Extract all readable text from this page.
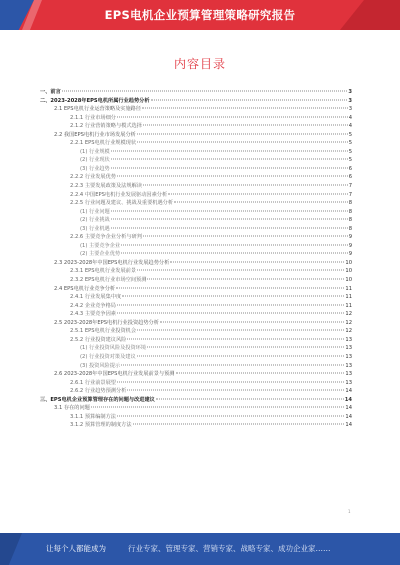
EPS电机企业预算管理策略研究报告
内容目录
一、前言	3
二、2023-2028年EPS电机所属行业趋势分析	3
2.1 EPS电机行业运营策略及实施路径	3
2.1.1 行业市场细分	4
2.1.2 行业营销策略与模式选择	4
2.2 我国EPS电机行业市场发展分析	5
2.2.1 EPS电机行业规模现状	5
(1) 行业规模	5
(2) 行业现状	5
(3) 行业趋势	6
2.2.2 行业发展优势	6
2.2.3 主要发展政策及法规解读	7
2.2.4 中国EPS电机行业发展驱动因素分析	7
2.2.5 行业问题及建议、挑战及重要机遇分析	8
(1) 行业问题	8
(2) 行业挑战	8
(3) 行业机遇	8
2.2.6 主要竞争企业分析与研判	9
(1) 主要竞争企业	9
(2) 主要企业优势	9
2.3 2023-2028年中国EPS电机行业发展趋势分析	10
2.3.1 EPS电机行业发展前景	10
2.3.2 EPS电机行业市场空间预测	10
2.4 EPS电机行业竞争分析	11
2.4.1 行业发展集中度	11
2.4.2 企业竞争格局	11
2.4.3 主要竞争因素	12
2.5 2023-2028年EPS电机行业投资趋势分析	12
2.5.1 EPS电机行业投资机会	12
2.5.2 行业投资建议风险	13
(1) 行业投资风险及投资环境	13
(2) 行业投资对策及建议	13
(3) 投资风险提示	13
2.6 2023-2028年中国EPS电机行业发展前景与预测	13
2.6.1 行业前景展望	13
2.6.2 行业趋势预测分析	14
三、EPS电机企业预算管理存在的问题与改进建议	14
3.1 存在的问题	14
3.1.1 预算编制方法	14
3.1.2 预算管理的制度方法	14
1
让每个人都能成为	行业专家、管理专家、营销专家、战略专家、成功企业家……
